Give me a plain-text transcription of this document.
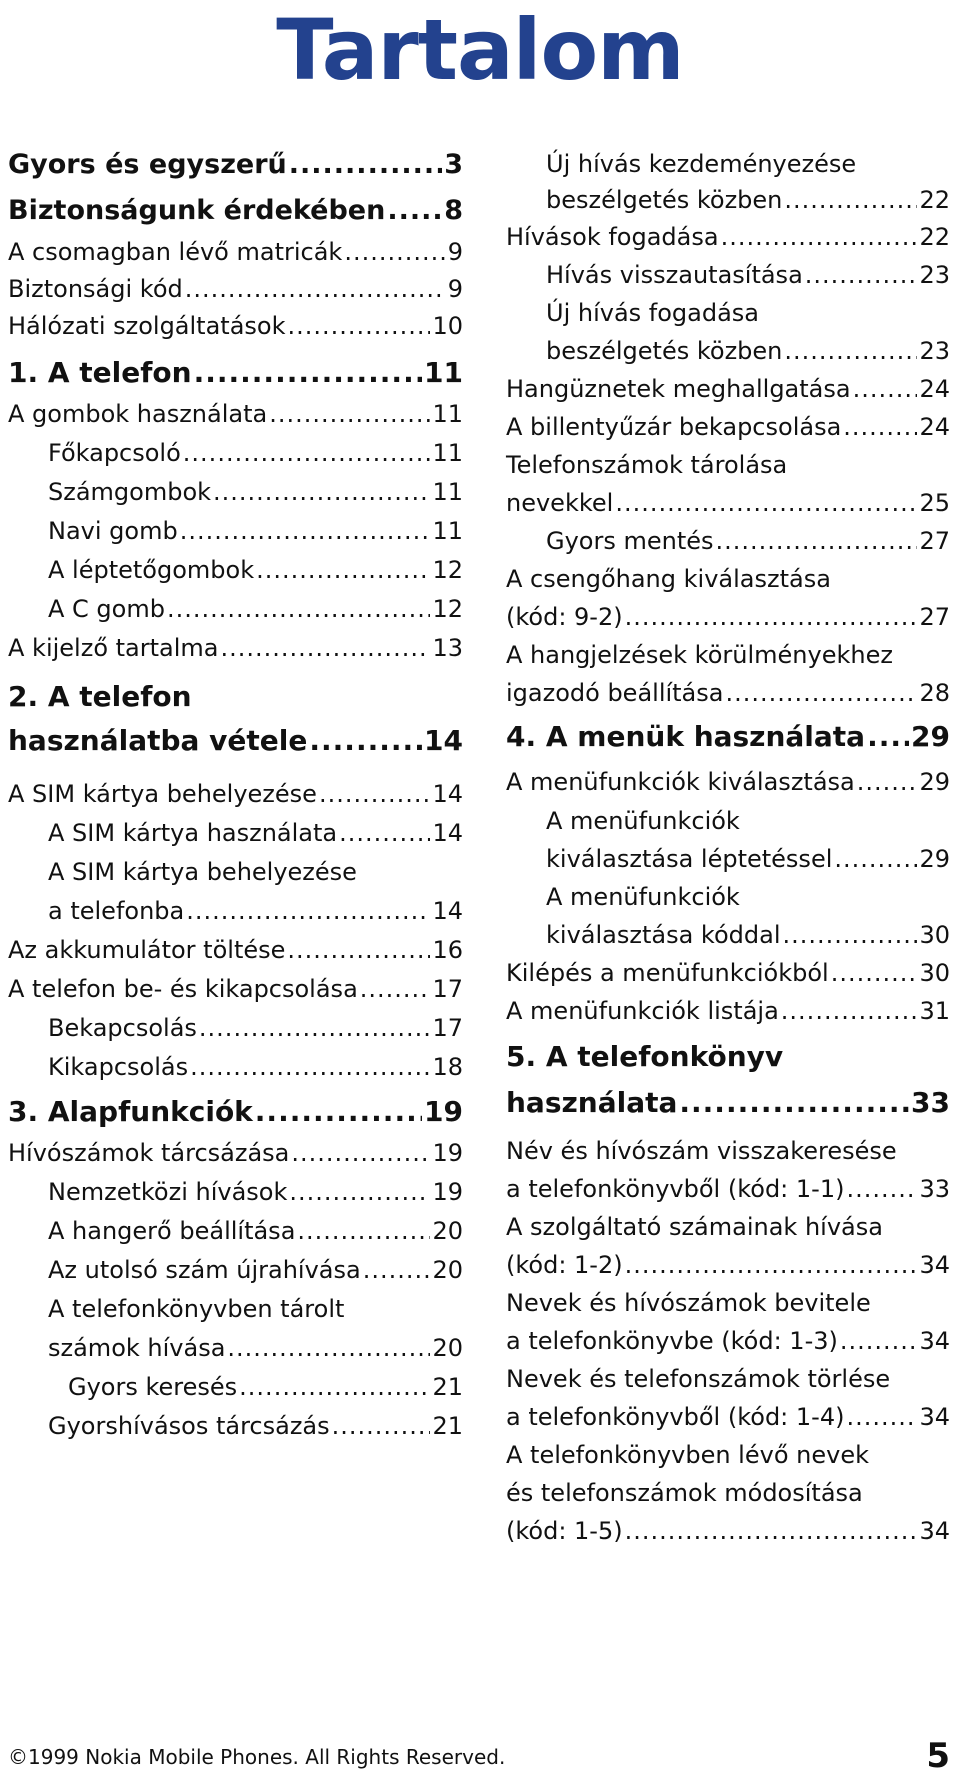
Tartalom
Gyors és egyszerű .....	3
Biztonságunk érdekében ..... 8
A csomagban lévő matricák .....	9
Biztonsági kód .....	9
Hálózati szolgáltatások .....	10
1. A telefon .....	11
A gombok használata .....	11
Főkapcsoló .....	11
Számgombok .....	11
Navi gomb .....	11
A léptetőgombok .....	12
A C gomb .....	12
A kijelző tartalma .....	13
2. A telefon
használatba vétele .....	14
A SIM kártya behelyezése .....	14
A SIM kártya használata .....	14
A SIM kártya behelyezése
a telefonba .....	14
Az akkumulátor töltése .....	16
A telefon be- és kikapcsolása .....	17
Bekapcsolás .....	17
Kikapcsolás .....	18
3. Alapfunkciók .....	19
Hívószámok tárcsázása .....	19
Nemzetközi hívások .....	19
A hangerő beállítása .....	20
Az utolsó szám újrahívása .....	20
A telefonkönyvben tárolt
számok hívása .....	20
Gyors keresés .....	21
Gyorshívásos tárcsázás .....	21
Új hívás kezdeményezése
beszélgetés közben .....	22
Hívások fogadása .....	22
Hívás visszautasítása .....	23
Új hívás fogadása
beszélgetés közben .....	23
Hangüznetek meghallgatása .....	24
A billentyűzár bekapcsolása .....	24
Telefonszámok tárolása
nevekkel .....	25
Gyors mentés .....	27
A csengőhang kiválasztása
(kód: 9-2) .....	27
A hangjelzések körülményekhez
igazodó beállítása .....	28
4. A menük használata ..... 29
A menüfunkciók kiválasztása .....	29
A menüfunkciók
kiválasztása léptetéssel .....	29
A menüfunkciók
kiválasztása kóddal .....	30
Kilépés a menüfunkciókból .....	30
A menüfunkciók listája .....	31
5. A telefonkönyv
használata .....	33
Név és hívószám visszakeresése
a telefonkönyvből (kód: 1-1) .....	33
A szolgáltató számainak hívása
(kód: 1-2) .....	34
Nevek és hívószámok bevitele
a telefonkönyvbe (kód: 1-3) .....	34
Nevek és telefonszámok törlése
a telefonkönyvből (kód: 1-4) .....	34
A telefonkönyvben lévő nevek
és telefonszámok módosítása
(kód: 1-5) .....	34
©1999 Nokia Mobile Phones. All Rights Reserved.	5
